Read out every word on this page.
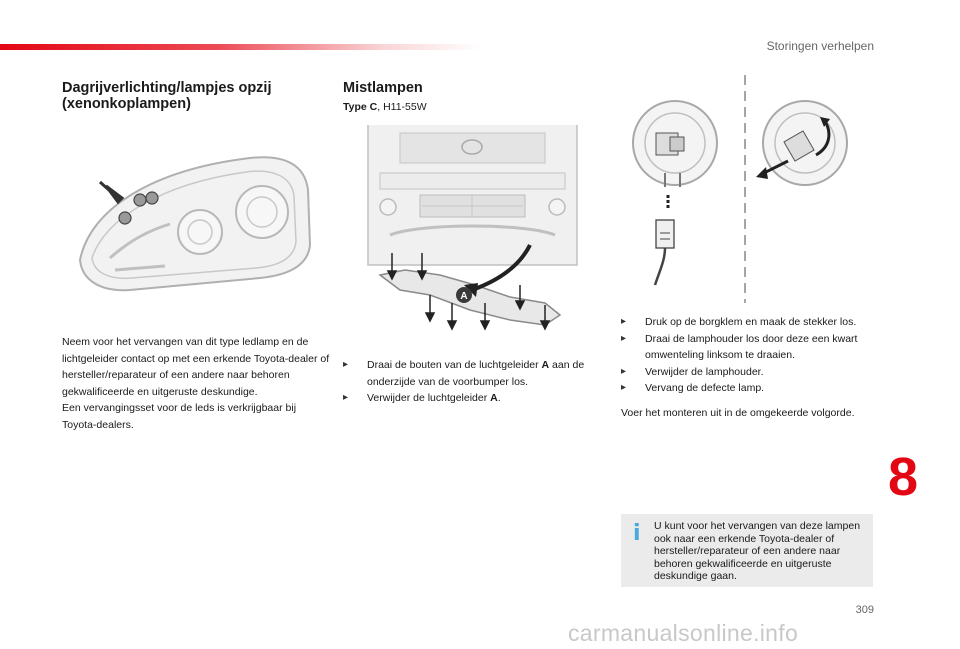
Storingen verhelpen
Dagrijverlichting/lampjes opzij (xenonkoplampen)

Neem voor het vervangen van dit type ledlamp en de lichtgeleider contact op met een erkende Toyota-dealer of hersteller/reparateur of een andere naar behoren gekwalificeerde en uitgeruste deskundige.

Een vervangingsset voor de leds is verkrijgbaar bij Toyota-dealers.

Mistlampen
Type C, H11-55W
A
▸ Draai de bouten van de luchtgeleider A aan de onderzijde van de voorbumper los.
▸ Verwijder de luchtgeleider A.
▸ Druk op de borgklem en maak de stekker los.
▸ Draai de lamphouder los door deze een kwart omwenteling linksom te draaien.
▸ Verwijder de lamphouder.
▸ Vervang de defecte lamp.
Voer het monteren uit in de omgekeerde volgorde.
i U kunt voor het vervangen van deze lampen ook naar een erkende Toyota-dealer of hersteller/reparateur of een andere naar behoren gekwalificeerde en uitgeruste deskundige gaan.
8
309
carmanualsonline.info
